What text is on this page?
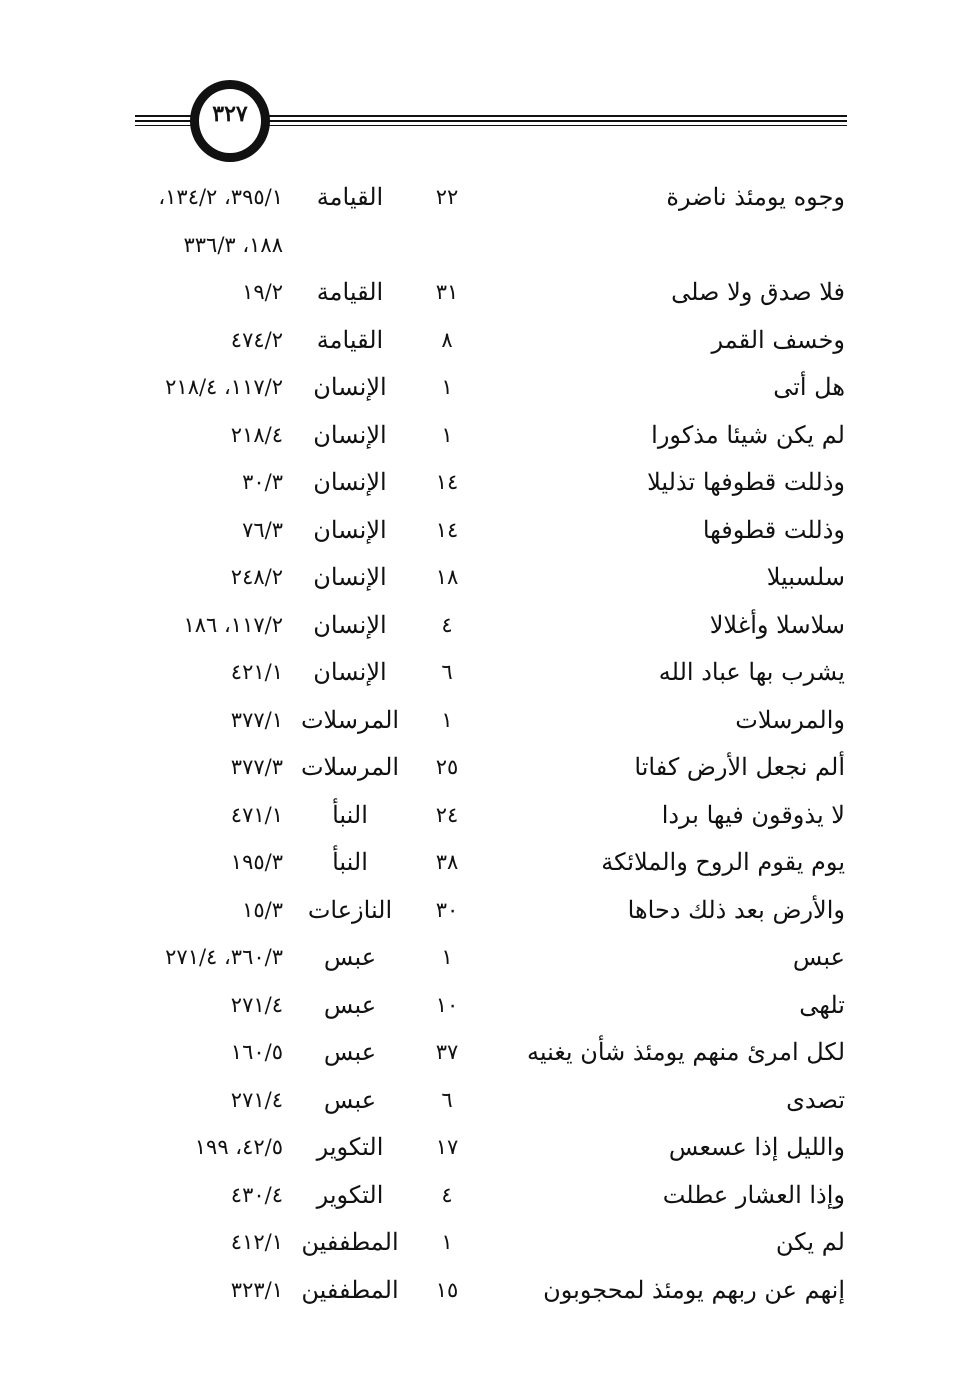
٣٢٧
وجوه يومئذ ناضرة
٢٢
القيامة
٣٩٥/١، ١٣٤/٢،
١٨٨، ٣٣٦/٣
فلا صدق ولا صلى
٣١
القيامة
١٩/٢
وخسف القمر
٨
القيامة
٤٧٤/٢
هل أتى
١
الإنسان
١١٧/٢، ٢١٨/٤
لم يكن شيئا مذكورا
١
الإنسان
٢١٨/٤
وذللت قطوفها تذليلا
١٤
الإنسان
٣٠/٣
وذللت قطوفها
١٤
الإنسان
٧٦/٣
سلسبيلا
١٨
الإنسان
٢٤٨/٢
سلاسلا وأغلالا
٤
الإنسان
١١٧/٢، ١٨٦
يشرب بها عباد الله
٦
الإنسان
٤٢١/١
والمرسلات
١
المرسلات
٣٧٧/١
ألم نجعل الأرض كفاتا
٢٥
المرسلات
٣٧٧/٣
لا يذوقون فيها بردا
٢٤
النبأ
٤٧١/١
يوم يقوم الروح والملائكة
٣٨
النبأ
١٩٥/٣
والأرض بعد ذلك دحاها
٣٠
النازعات
١٥/٣
عبس
١
عبس
٣٦٠/٣، ٢٧١/٤
تلهى
١٠
عبس
٢٧١/٤
لكل امرئ منهم يومئذ شأن يغنيه
٣٧
عبس
١٦٠/٥
تصدى
٦
عبس
٢٧١/٤
والليل إذا عسعس
١٧
التكوير
٤٢/٥، ١٩٩
وإذا العشار عطلت
٤
التكوير
٤٣٠/٤
لم يكن
١
المطففين
٤١٢/١
إنهم عن ربهم يومئذ لمحجوبون
١٥
المطففين
٣٢٣/١
